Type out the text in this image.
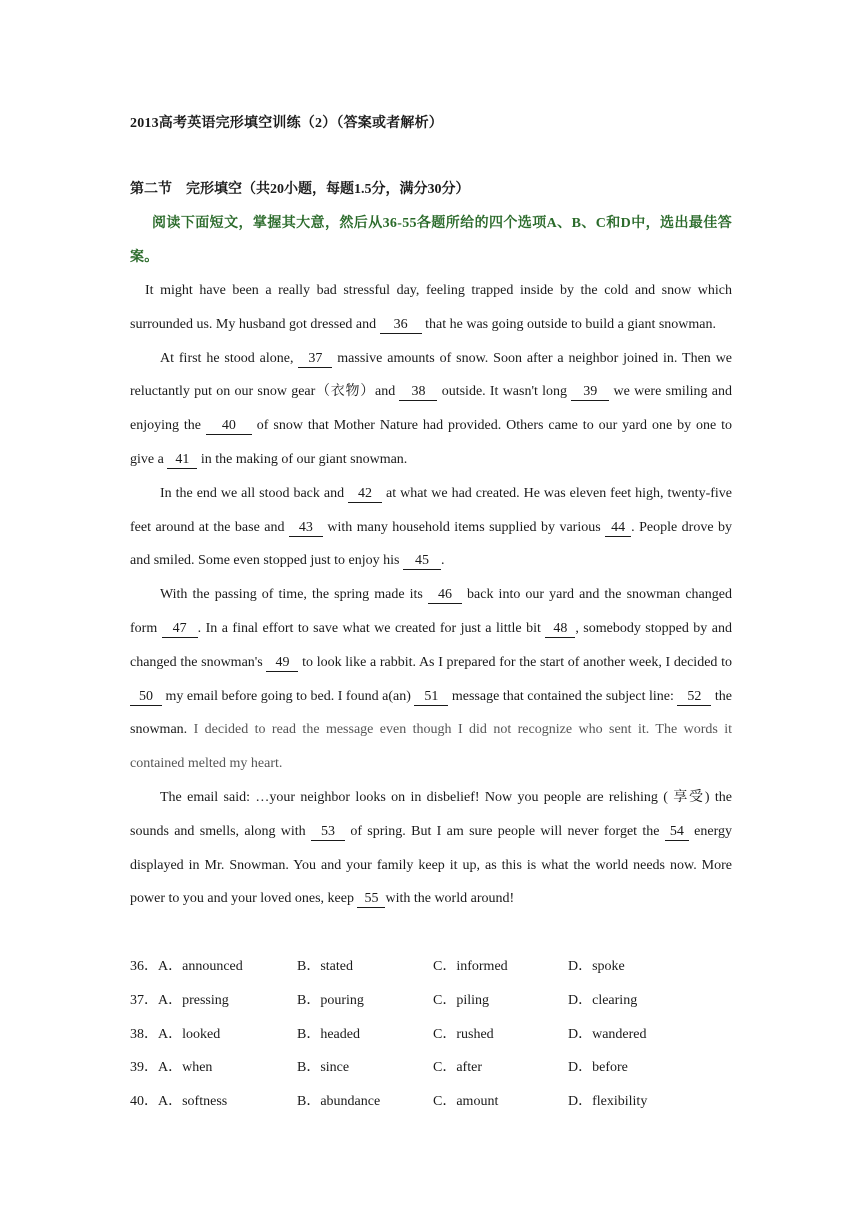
2013高考英语完形填空训练（2）（答案或者解析）
第二节　完形填空（共20小题，每题1.5分，满分30分）
阅读下面短文，掌握其大意，然后从36-55各题所给的四个选项A、B、C和D中，选出最佳答案。

It might have been a really bad stressful day, feeling trapped inside by the cold and snow which surrounded us. My husband got dressed and 36 that he was going outside to build a giant snowman.

At first he stood alone, 37 massive amounts of snow. Soon after a neighbor joined in. Then we reluctantly put on our snow gear（衣物）and 38 outside. It wasn't long 39 we were smiling and enjoying the 40 of snow that Mother Nature had provided. Others came to our yard one by one to give a 41 in the making of our giant snowman.

In the end we all stood back and 42 at what we had created. He was eleven feet high, twenty-five feet around at the base and 43 with many household items supplied by various 44 . People drove by and smiled. Some even stopped just to enjoy his 45 .

With the passing of time, the spring made its 46 back into our yard and the snowman changed form 47 . In a final effort to save what we created for just a little bit 48 , somebody stopped by and changed the snowman's 49 to look like a rabbit. As I prepared for the start of another week, I decided to 50 my email before going to bed. I found a(an) 51 message that contained the subject line: 52 the snowman. I decided to read the message even though I did not recognize who sent it. The words it contained melted my heart.

The email said: …your neighbor looks on in disbelief! Now you people are relishing ( 享受) the sounds and smells, along with 53 of spring. But I am sure people will never forget the 54 energy displayed in Mr. Snowman. You and your family keep it up, as this is what the world needs now. More power to you and your loved ones, keep 55 with the world around!

36．A．announced	B．stated	C．informed	D．spoke
37．A．pressing	B．pouring	C．piling	D．clearing
38．A．looked	B．headed	C．rushed	D．wandered
39．A．when	B．since	C．after	D．before
40．A．softness	B．abundance	C．amount	D．flexibility
